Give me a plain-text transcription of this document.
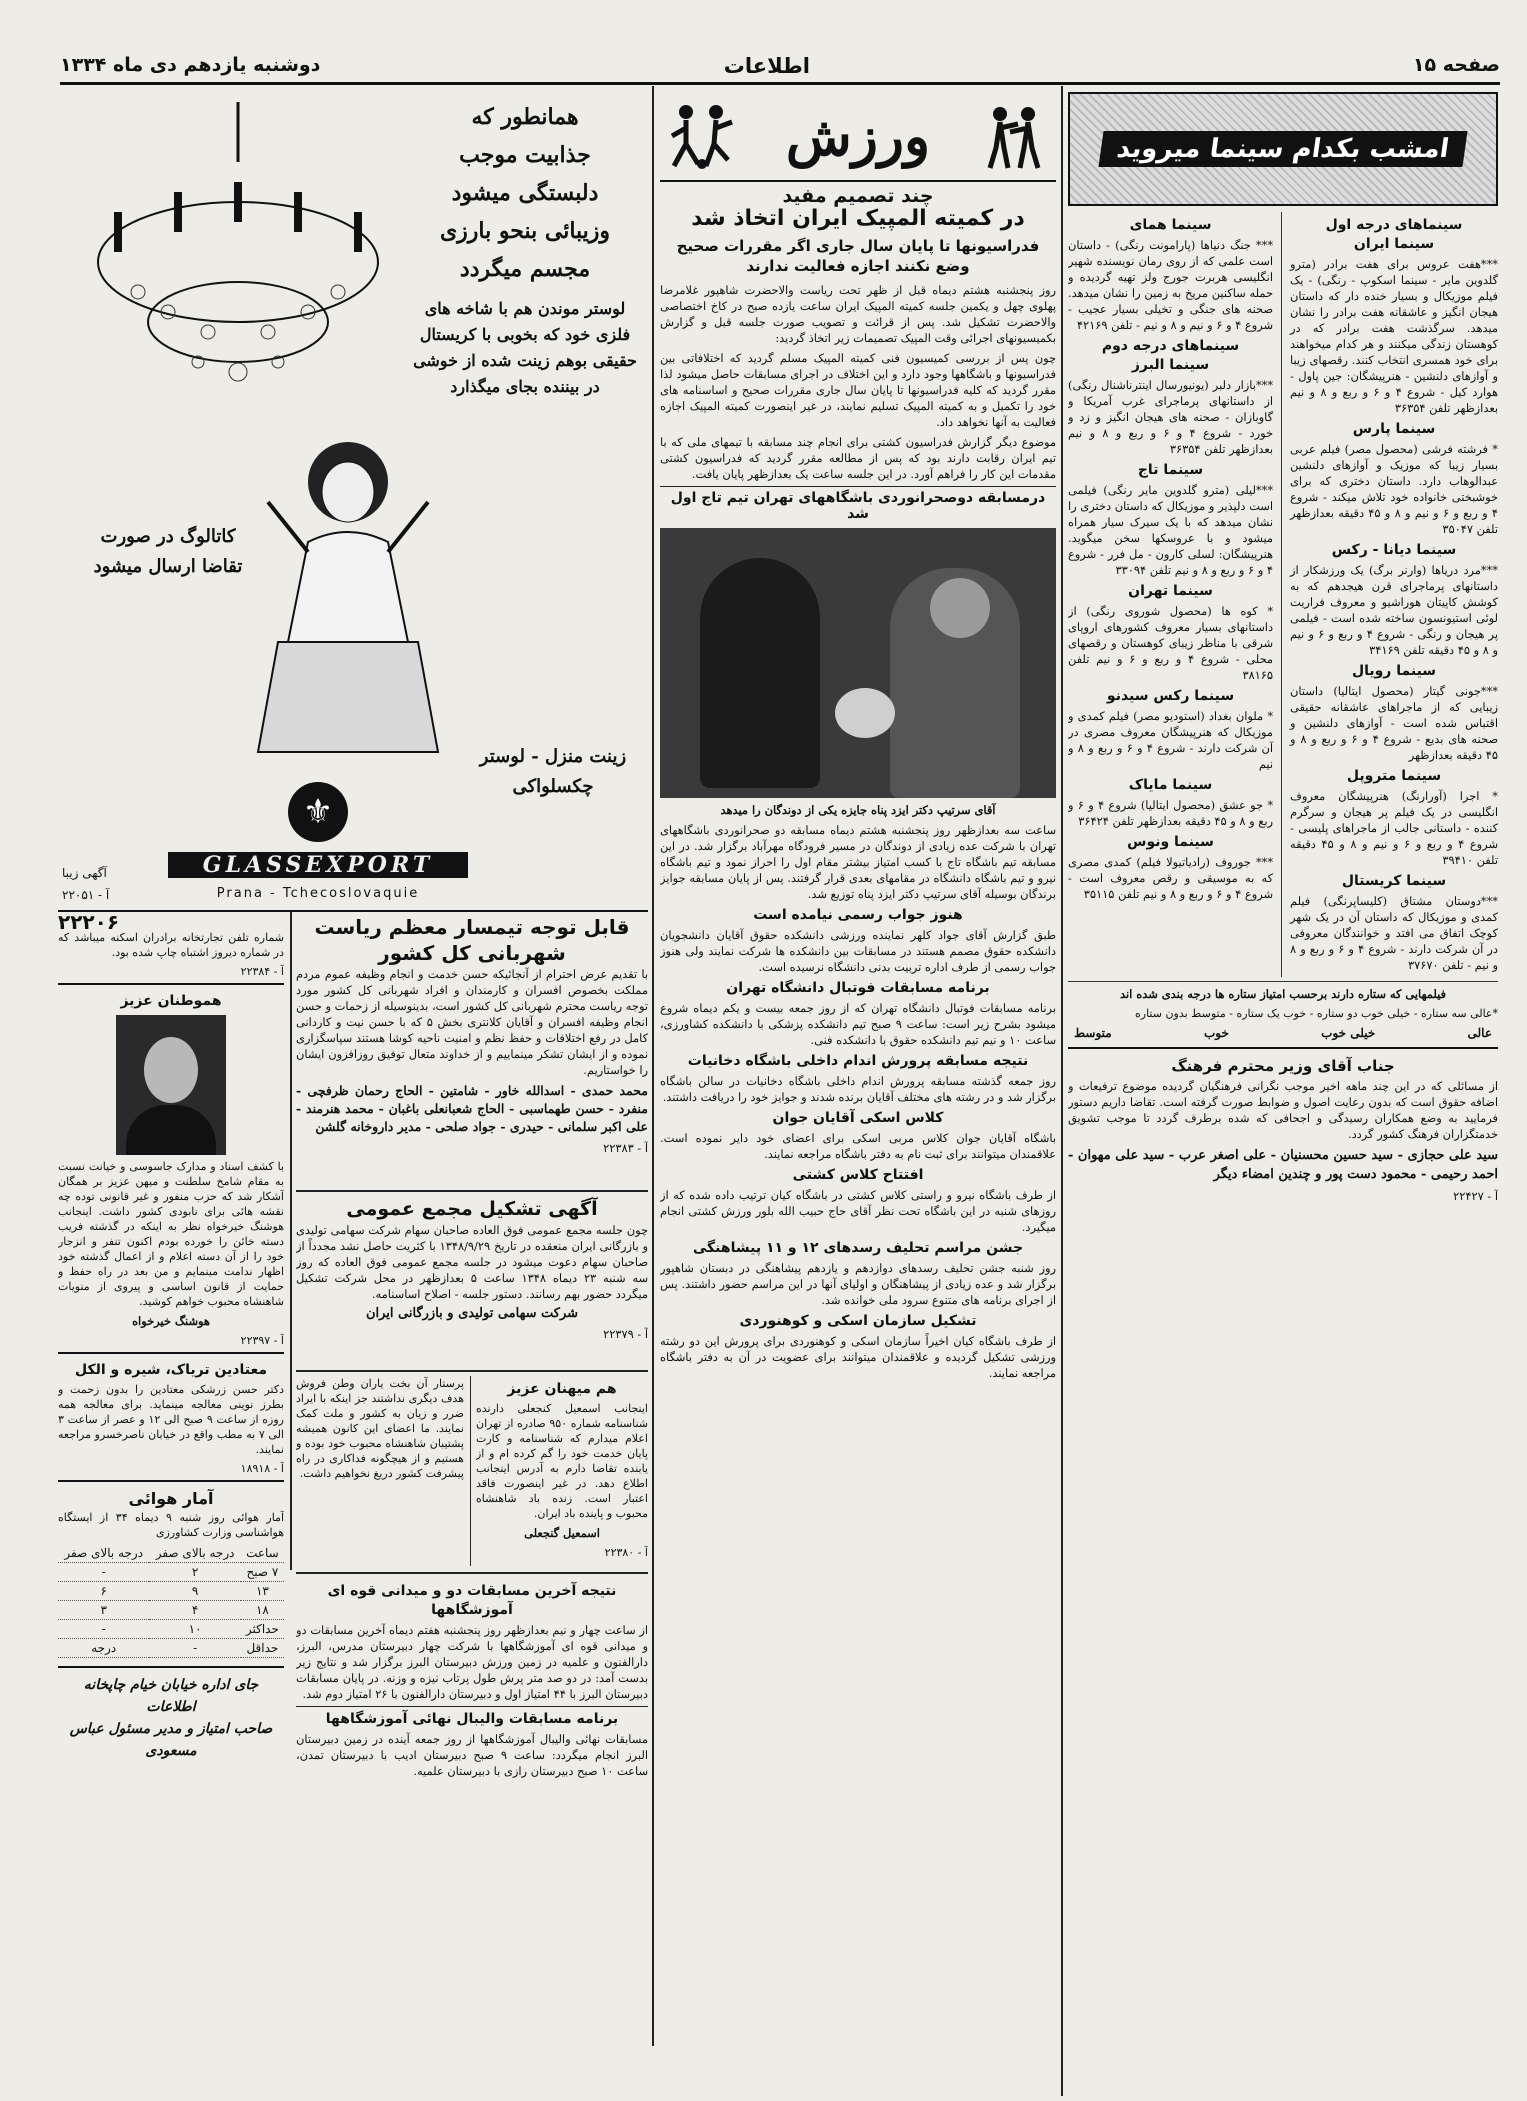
صفحه ۱۵
اطلاعات
دوشنبه یازدهم دی ماه ۱۳۳۴
امشب بکدام سینما میروید
سینماهای درجه اول
سینما ایران

***هفت عروس برای هفت برادر (مترو گلدوین مایر - سینما اسکوپ - رنگی) - یک فیلم موزیکال و بسیار خنده دار که داستان هیجان انگیز و عاشقانه هفت برادر را نشان میدهد. سرگذشت هفت برادر که در کوهستان زندگی میکنند و هر کدام میخواهند برای خود همسری انتخاب کنند. رقصهای زیبا و آوازهای دلنشین - هنرپیشگان: جین پاول - هوارد کیل - شروع ۴ و ۶ و ربع و ۸ و نیم بعدازظهر تلفن ۳۶۳۵۴

سینما پارس

* فرشته فرشی (محصول مصر) فیلم عربی بسیار زیبا که موزیک و آوازهای دلنشین عبدالوهاب دارد. داستان دختری که برای خوشبختی خانواده خود تلاش میکند - شروع ۴ و ربع و ۶ و نیم و ۸ و ۴۵ دقیقه بعدازظهر تلفن ۳۵۰۴۷

سینما دیانا - رکس

***مرد دریاها (وارنر برگ) یک ورزشکار از داستانهای پرماجرای قرن هیجدهم که به کوشش کاپیتان هوراشیو و معروف فراریت لوئی استیونسون ساخته شده است - فیلمی پر هیجان و رنگی - شروع ۴ و ربع و ۶ و نیم و ۸ و ۴۵ دقیقه تلفن ۳۴۱۶۹

سینما رویال

***جونی گیتار (محصول ایتالیا) داستان زیبایی که از ماجراهای عاشقانه حقیقی اقتباس شده است - آوازهای دلنشین و صحنه های بدیع - شروع ۴ و ۶ و ربع و ۸ و ۴۵ دقیقه بعدازظهر

سینما متروپل

* اجرا (آورارنگ) هنرپیشگان معروف انگلیسی در یک فیلم پر هیجان و سرگرم کننده - داستانی جالب از ماجراهای پلیسی - شروع ۴ و ربع و ۶ و نیم و ۸ و ۴۵ دقیقه تلفن ۳۹۴۱۰

سینما کریستال

***دوستان مشتاق (کلیساپرنگی) فیلم کمدی و موزیکال که داستان آن در یک شهر کوچک اتفاق می افتد و خوانندگان معروفی در آن شرکت دارند - شروع ۴ و ۶ و ربع و ۸ و نیم - تلفن ۳۷۶۷۰

سینما همای

*** جنگ دنیاها (پارامونت رنگی) - داستان است علمی که از روی رمان نویسنده شهیر انگلیسی هربرت جورج ولز تهیه گردیده و حمله ساکنین مریخ به زمین را نشان میدهد. صحنه های جنگی و تخیلی بسیار عجیب - شروع ۴ و ۶ و نیم و ۸ و نیم - تلفن ۴۲۱۶۹

سینماهای درجه دوم
سینما البرز

***بازار دلبر (یونیورسال اینترناشنال رنگی) از داستانهای پرماجرای غرب آمریکا و گاوبازان - صحنه های هیجان انگیز و زد و خورد - شروع ۴ و ۶ و ربع و ۸ و نیم بعدازظهر تلفن ۳۶۳۵۴

سینما تاج

***لیلی (مترو گلدوین مایر رنگی) فیلمی است دلپذیر و موزیکال که داستان دختری را نشان میدهد که با یک سیرک سیار همراه میشود و با عروسکها سخن میگوید. هنرپیشگان: لسلی کارون - مل فرر - شروع ۴ و ۶ و ربع و ۸ و نیم تلفن ۳۳۰۹۴

سینما تهران

* کوه ها (محصول شوروی رنگی) از داستانهای بسیار معروف کشورهای اروپای شرقی با مناظر زیبای کوهستان و رقصهای محلی - شروع ۴ و ربع و ۶ و نیم تلفن ۳۸۱۶۵

سینما رکس سیدنو

* ملوان بغداد (استودیو مصر) فیلم کمدی و موزیکال که هنرپیشگان معروف مصری در آن شرکت دارند - شروع ۴ و ۶ و ربع و ۸ و نیم

سینما مایاک

* جو عشق (محصول ایتالیا) شروع ۴ و ۶ و ربع و ۸ و ۴۵ دقیقه بعدازظهر تلفن ۳۶۴۲۴

سینما ونوس

*** جوروف (رادیاتیولا فیلم) کمدی مصری که به موسیقی و رقص معروف است - شروع ۴ و ۶ و ربع و ۸ و نیم تلفن ۳۵۱۱۵

فیلمهایی که ستاره دارند برحسب امتیاز ستاره ها درجه بندی شده اند

*عالی سه ستاره - خیلی خوب دو ستاره - خوب یک ستاره - متوسط بدون ستاره

عالی
خیلی خوب
خوب
متوسط
جناب آقای وزیر محترم فرهنگ

از مسائلی که در این چند ماهه اخیر موجب نگرانی فرهنگیان گردیده موضوع ترفیعات و اضافه حقوق است که بدون رعایت اصول و ضوابط صورت گرفته است. تقاضا داریم دستور فرمایید به وضع همکاران رسیدگی و اجحافی که شده برطرف گردد تا موجب تشویق خدمتگزاران فرهنگ کشور گردد.

سید علی حجازی - سید حسین محسنیان - علی اصغر عرب - سید علی مهوان - احمد رحیمی - محمود دست پور و چندین امضاء دیگر

آ - ۲۲۴۲۷

ورزش
چند تصمیم مفید
در کمیته المپیک ایران اتخاذ شد
فدراسیونها تا پایان سال جاری اگر مقررات صحیح وضع نکنند اجازه فعالیت ندارند

روز پنجشنبه هشتم دیماه قبل از ظهر تحت ریاست والاحضرت شاهپور غلامرضا پهلوی چهل و یکمین جلسه کمیته المپیک ایران ساعت یازده صبح در کاخ اختصاصی والاحضرت تشکیل شد. پس از قرائت و تصویب صورت جلسه قبل و گزارش بکمیسیونهای اجرائی وقت المپیک تصمیمات زیر اتخاذ گردید:

چون پس از بررسی کمیسیون فنی کمیته المپیک مسلم گردید که اختلافاتی بین فدراسیونها و باشگاهها وجود دارد و این اختلاف در اجرای مسابقات حاصل میشود لذا مقرر گردید که کلیه فدراسیونها تا پایان سال جاری مقررات صحیح و اساسنامه های خود را تکمیل و به کمیته المپیک تسلیم نمایند، در غیر اینصورت کمیته المپیک اجازه فعالیت به آنها نخواهد داد.

موضوع دیگر گزارش فدراسیون کشتی برای انجام چند مسابقه با تیمهای ملی که با تیم ایران رقابت دارند بود که پس از مطالعه مقرر گردید که فدراسیون کشتی مقدمات این کار را فراهم آورد. در این جلسه ساعت یک بعدازظهر پایان یافت.

درمسابقه دوصحرانوردی باشگاههای تهران تیم تاج اول شد

آقای سرتیپ دکتر ایزد پناه جایزه یکی از دوندگان را میدهد

ساعت سه بعدازظهر روز پنجشنبه هشتم دیماه مسابقه دو صحرانوردی باشگاههای تهران با شرکت عده زیادی از دوندگان در مسیر فرودگاه مهرآباد برگزار شد. در این مسابقه تیم باشگاه تاج با کسب امتیاز بیشتر مقام اول را احراز نمود و تیم باشگاه نیرو و تیم باشگاه دانشگاه در مقامهای بعدی قرار گرفتند. پس از پایان مسابقه جوایز برندگان بوسیله آقای سرتیپ دکتر ایزد پناه توزیع شد.

هنوز جواب رسمی نیامده است

طبق گزارش آقای جواد کلهر نماینده ورزشی دانشکده حقوق آقایان دانشجویان دانشکده حقوق مصمم هستند در مسابقات بین دانشکده ها شرکت نمایند ولی هنوز جواب رسمی از طرف اداره تربیت بدنی دانشگاه نرسیده است.

برنامه مسابقات فوتبال دانشگاه تهران

برنامه مسابقات فوتبال دانشگاه تهران که از روز جمعه بیست و یکم دیماه شروع میشود بشرح زیر است: ساعت ۹ صبح تیم دانشکده پزشکی با دانشکده کشاورزی، ساعت ۱۰ و نیم تیم دانشکده حقوق با دانشکده فنی.

نتیجه مسابقه پرورش اندام داخلی باشگاه دخانیات

روز جمعه گذشته مسابقه پرورش اندام داخلی باشگاه دخانیات در سالن باشگاه برگزار شد و در رشته های مختلف آقایان برنده شدند و جوایز خود را دریافت داشتند.

کلاس اسکی آقایان جوان

باشگاه آقایان جوان کلاس مربی اسکی برای اعضای خود دایر نموده است. علاقمندان میتوانند برای ثبت نام به دفتر باشگاه مراجعه نمایند.

افتتاح کلاس کشتی

از طرف باشگاه نیرو و راستی کلاس کشتی در باشگاه کیان ترتیب داده شده که از روزهای شنبه در این باشگاه تحت نظر آقای حاج حبیب الله بلور ورزش کشتی انجام میگیرد.

جشن مراسم تحلیف رسدهای ۱۲ و ۱۱ پیشاهنگی

روز شنبه جشن تحلیف رسدهای دوازدهم و یازدهم پیشاهنگی در دبستان شاهپور برگزار شد و عده زیادی از پیشاهنگان و اولیای آنها در این مراسم حضور داشتند. پس از اجرای برنامه های متنوع سرود ملی خوانده شد.

تشکیل سازمان اسکی و کوهنوردی

از طرف باشگاه کیان اخیراً سازمان اسکی و کوهنوردی برای پرورش این دو رشته ورزشی تشکیل گردیده و علاقمندان میتوانند برای عضویت در آن به دفتر باشگاه مراجعه نمایند.

همانطور که
جذابیت موجب
دلبستگی میشود
وزیبائی بنحو بارزی
مجسم میگردد
لوستر موندن هم با شاخه های فلزی خود که بخوبی با کریستال حقیقی بوهم زینت شده از خوشی در بیننده بجای میگذارد
کاتالوگ در صورت تقاضا ارسال میشود
زینت منزل - لوستر چکسلواکی
⚜
GLASSEXPORT
Prana - Tchecoslovaquie
آگهی زیبا
آ - ۲۲۰۵۱
قابل توجه تیمسار معظم ریاست شهربانی کل کشور

با تقدیم عرض احترام از آنجائیکه حسن خدمت و انجام وظیفه عموم مردم مملکت بخصوص افسران و کارمندان و افراد شهربانی کل کشور مورد توجه ریاست محترم شهربانی کل کشور است، بدینوسیله از زحمات و حسن انجام وظیفه افسران و آقایان کلانتری بخش ۵ که با حسن نیت و کاردانی کامل در رفع اختلافات و حفظ نظم و امنیت ناحیه کوشا هستند سپاسگزاری نموده و از ایشان تشکر مینماییم و از خداوند متعال توفیق روزافزون ایشان را خواستاریم.

محمد حمدی - اسدالله خاور - شامتین - الحاج رحمان ظرفچی - منفرد - حسن طهماسبی - الحاج شعبانعلی باغبان - محمد هنرمند - علی اکبر سلمانی - حیدری - جواد صلحی - مدیر داروخانه گلشن

آ - ۲۲۳۸۳

آگهی تشکیل مجمع عمومی

چون جلسه مجمع عمومی فوق العاده صاحبان سهام شرکت سهامی تولیدی و بازرگانی ایران منعقده در تاریخ ۱۳۴۸/۹/۲۹ با کثریت حاصل نشد مجدداً از صاحبان سهام دعوت میشود در جلسه مجمع عمومی فوق العاده که روز سه شنبه ۲۳ دیماه ۱۳۴۸ ساعت ۵ بعدازظهر در محل شرکت تشکیل میگردد حضور بهم رسانند. دستور جلسه - اصلاح اساسنامه.

شرکت سهامی تولیدی و بازرگانی ایران

آ - ۲۲۳۷۹

هم میهنان عزیز

اینجانب اسمعیل کنجعلی دارنده شناسنامه شماره ۹۵۰ صادره از تهران اعلام میدارم که شناسنامه و کارت پایان خدمت خود را گم کرده ام و از یابنده تقاضا دارم به آدرس اینجانب اطلاع دهد. در غیر اینصورت فاقد اعتبار است. زنده باد شاهنشاه محبوب و پاینده باد ایران.

اسمعیل گنجعلی

آ - ۲۲۳۸۰

پرستار آن بخت یاران وطن فروش هدف دیگری نداشتند جز اینکه با ایراد ضرر و زیان به کشور و ملت کمک نمایند. ما اعضای این کانون همیشه پشتیبان شاهنشاه محبوب خود بوده و هستیم و از هیچگونه فداکاری در راه پیشرفت کشور دریغ نخواهیم داشت.

نتیجه آخرین مسابقات دو و میدانی قوه ای آموزشگاهها

از ساعت چهار و نیم بعدازظهر روز پنجشنبه هفتم دیماه آخرین مسابقات دو و میدانی قوه ای آموزشگاهها با شرکت چهار دبیرستان مدرس، البرز، دارالفنون و علمیه در زمین ورزش دبیرستان البرز برگزار شد و نتایج زیر بدست آمد: در دو صد متر پرش طول پرتاب نیزه و وزنه. در پایان مسابقات دبیرستان البرز با ۴۴ امتیاز اول و دبیرستان دارالفنون با ۲۶ امتیاز دوم شد.

برنامه مسابقات والیبال نهائی آموزشگاهها

مسابقات نهائی والیبال آموزشگاهها از روز جمعه آینده در زمین دبیرستان البرز انجام میگردد: ساعت ۹ صبح دبیرستان ادیب با دبیرستان تمدن، ساعت ۱۰ صبح دبیرستان رازی با دبیرستان علمیه.

۲۲۲۰۶

شماره تلفن تجارتخانه برادران اسکنه میباشد که در شماره دیروز اشتباه چاپ شده بود.

آ - ۲۲۳۸۴

هموطنان عزیز

با کشف اسناد و مدارک جاسوسی و خیانت نسبت به مقام شامخ سلطنت و میهن عزیز بر همگان آشکار شد که حزب منفور و غیر قانونی توده چه نقشه هائی برای نابودی کشور داشت. اینجانب هوشنگ خیرخواه نظر به اینکه در گذشته فریب دسته خائن را خورده بودم اکنون تنفر و انزجار خود را از آن دسته اعلام و از اعمال گذشته خود اظهار ندامت مینمایم و من بعد در راه حفظ و حمایت از قانون اساسی و پیروی از منویات شاهنشاه محبوب خواهم کوشید.

هوشنگ خیرخواه

آ - ۲۲۳۹۷

معتادین تریاک، شیره و الکل

دکتر حسن زرشکی معتادین را بدون زحمت و بطرز نوینی معالجه مینماید. برای معالجه همه روزه از ساعت ۹ صبح الی ۱۲ و عصر از ساعت ۳ الی ۷ به مطب واقع در خیابان ناصرخسرو مراجعه نمایند.

آ - ۱۸۹۱۸

آمار هوائی

آمار هوائی روز شنبه ۹ دیماه ۳۴ از ایستگاه هواشناسی وزارت کشاورزی

ساعت	درجه بالای صفر	درجه بالای صفر
۷ صبح	۲	-
۱۳	۹	۶
۱۸	۴	۳
حداکثر	۱۰	-
حداقل	-	درجه
جای اداره خیابان خیام چاپخانه اطلاعات
صاحب امتیاز و مدیر مسئول عباس مسعودی
